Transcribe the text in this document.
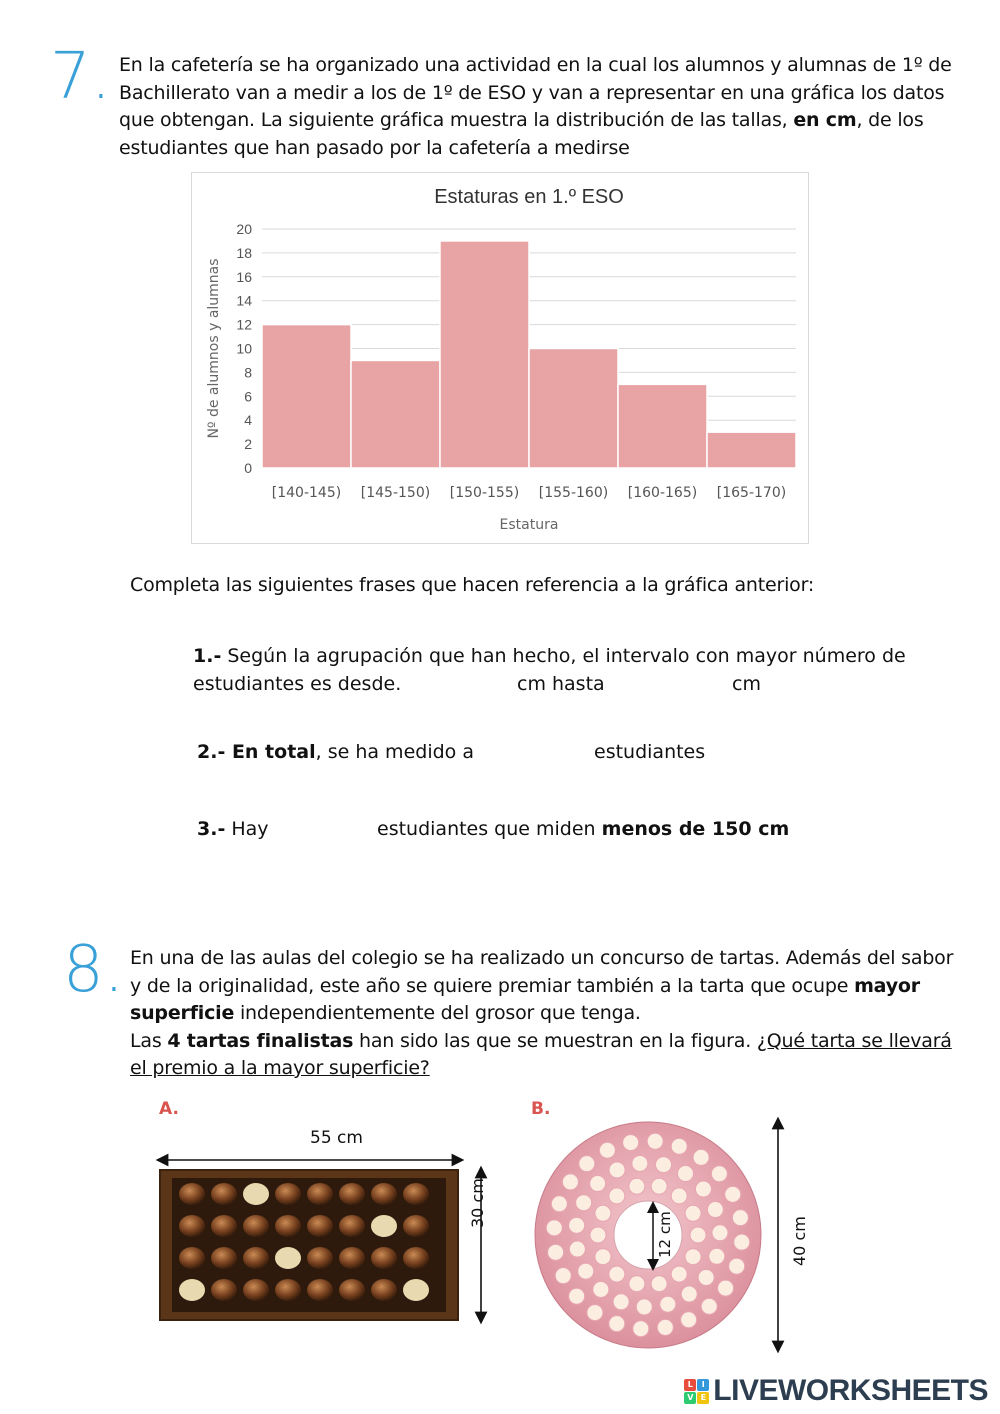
7. En la cafetería se ha organizado una actividad en la cual los alumnos y alumnas de 1º de Bachillerato van a medir a los de 1º de ESO y van a representar en una gráfica los datos que obtengan. La siguiente gráfica muestra la distribución de las tallas, en cm, de los estudiantes que han pasado por la cafetería a medirse
Estaturas en 1.º ESO
0
2
4
6
8
10
12
14
16
18
20
[140-145) [145-150) [150-155) [155-160) [160-165) [165-170)
Estatura
Nº de alumnos y alumnas
Completa las siguientes frases que hacen referencia a la gráfica anterior:
1.- Según la agrupación que han hecho, el intervalo con mayor número de
estudiantes es desde.	cm hasta	cm
2.- En total, se ha medido a	estudiantes
3.- Hay	estudiantes que miden menos de 150 cm
8. En una de las aulas del colegio se ha realizado un concurso de tartas. Además del sabor y de la originalidad, este año se quiere premiar también a la tarta que ocupe mayor superficie independientemente del grosor que tenga.
Las 4 tartas finalistas han sido las que se muestran en la figura. ¿Qué tarta se llevará el premio a la mayor superficie?
A.
55 cm
30 cm
B.
12 cm	40 cm
L	I
V E LIVEWORKSHEETS
